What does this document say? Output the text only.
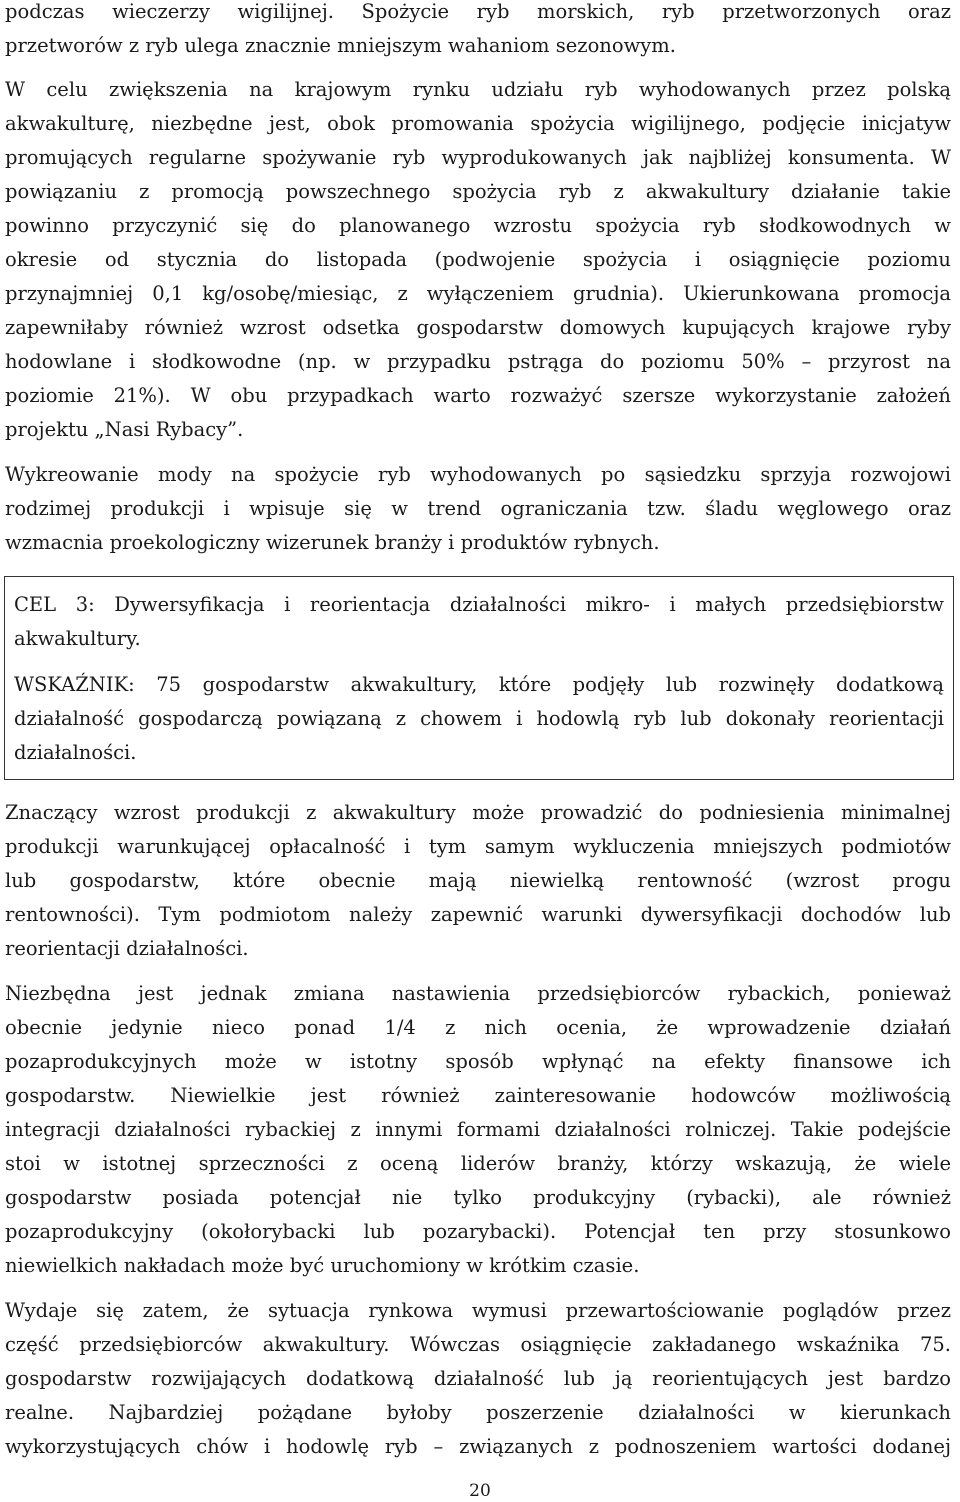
podczas wieczerzy wigilijnej. Spożycie ryb morskich, ryb przetworzonych oraz
przetworów z ryb ulega znacznie mniejszym wahaniom sezonowym.
W celu zwiększenia na krajowym rynku udziału ryb wyhodowanych przez polską
akwakulturę, niezbędne jest, obok promowania spożycia wigilijnego, podjęcie inicjatyw
promujących regularne spożywanie ryb wyprodukowanych jak najbliżej konsumenta. W
powiązaniu z promocją powszechnego spożycia ryb z akwakultury działanie takie
powinno przyczynić się do planowanego wzrostu spożycia ryb słodkowodnych w
okresie od stycznia do listopada (podwojenie spożycia i osiągnięcie poziomu
przynajmniej 0,1 kg/osobę/miesiąc, z wyłączeniem grudnia). Ukierunkowana promocja
zapewniłaby również wzrost odsetka gospodarstw domowych kupujących krajowe ryby
hodowlane i słodkowodne (np. w przypadku pstrąga do poziomu 50% – przyrost na
poziomie 21%). W obu przypadkach warto rozważyć szersze wykorzystanie założeń
projektu „Nasi Rybacy”.
Wykreowanie mody na spożycie ryb wyhodowanych po sąsiedzku sprzyja rozwojowi
rodzimej produkcji i wpisuje się w trend ograniczania tzw. śladu węglowego oraz
wzmacnia proekologiczny wizerunek branży i produktów rybnych.
CEL 3: Dywersyfikacja i reorientacja działalności mikro- i małych przedsiębiorstw
akwakultury.
WSKAŹNIK: 75 gospodarstw akwakultury, które podjęły lub rozwinęły dodatkową
działalność gospodarczą powiązaną z chowem i hodowlą ryb lub dokonały reorientacji
działalności.
Znaczący wzrost produkcji z akwakultury może prowadzić do podniesienia minimalnej
produkcji warunkującej opłacalność i tym samym wykluczenia mniejszych podmiotów
lub gospodarstw, które obecnie mają niewielką rentowność (wzrost progu
rentowności). Tym podmiotom należy zapewnić warunki dywersyfikacji dochodów lub
reorientacji działalności.
Niezbędna jest jednak zmiana nastawienia przedsiębiorców rybackich, ponieważ
obecnie jedynie nieco ponad 1/4 z nich ocenia, że wprowadzenie działań
pozaprodukcyjnych może w istotny sposób wpłynąć na efekty finansowe ich
gospodarstw. Niewielkie jest również zainteresowanie hodowców możliwością
integracji działalności rybackiej z innymi formami działalności rolniczej. Takie podejście
stoi w istotnej sprzeczności z oceną liderów branży, którzy wskazują, że wiele
gospodarstw posiada potencjał nie tylko produkcyjny (rybacki), ale również
pozaprodukcyjny (okołorybacki lub pozarybacki). Potencjał ten przy stosunkowo
niewielkich nakładach może być uruchomiony w krótkim czasie.
Wydaje się zatem, że sytuacja rynkowa wymusi przewartościowanie poglądów przez
część przedsiębiorców akwakultury. Wówczas osiągnięcie zakładanego wskaźnika 75.
gospodarstw rozwijających dodatkową działalność lub ją reorientujących jest bardzo
realne. Najbardziej pożądane byłoby poszerzenie działalności w kierunkach
wykorzystujących chów i hodowlę ryb – związanych z podnoszeniem wartości dodanej
20
